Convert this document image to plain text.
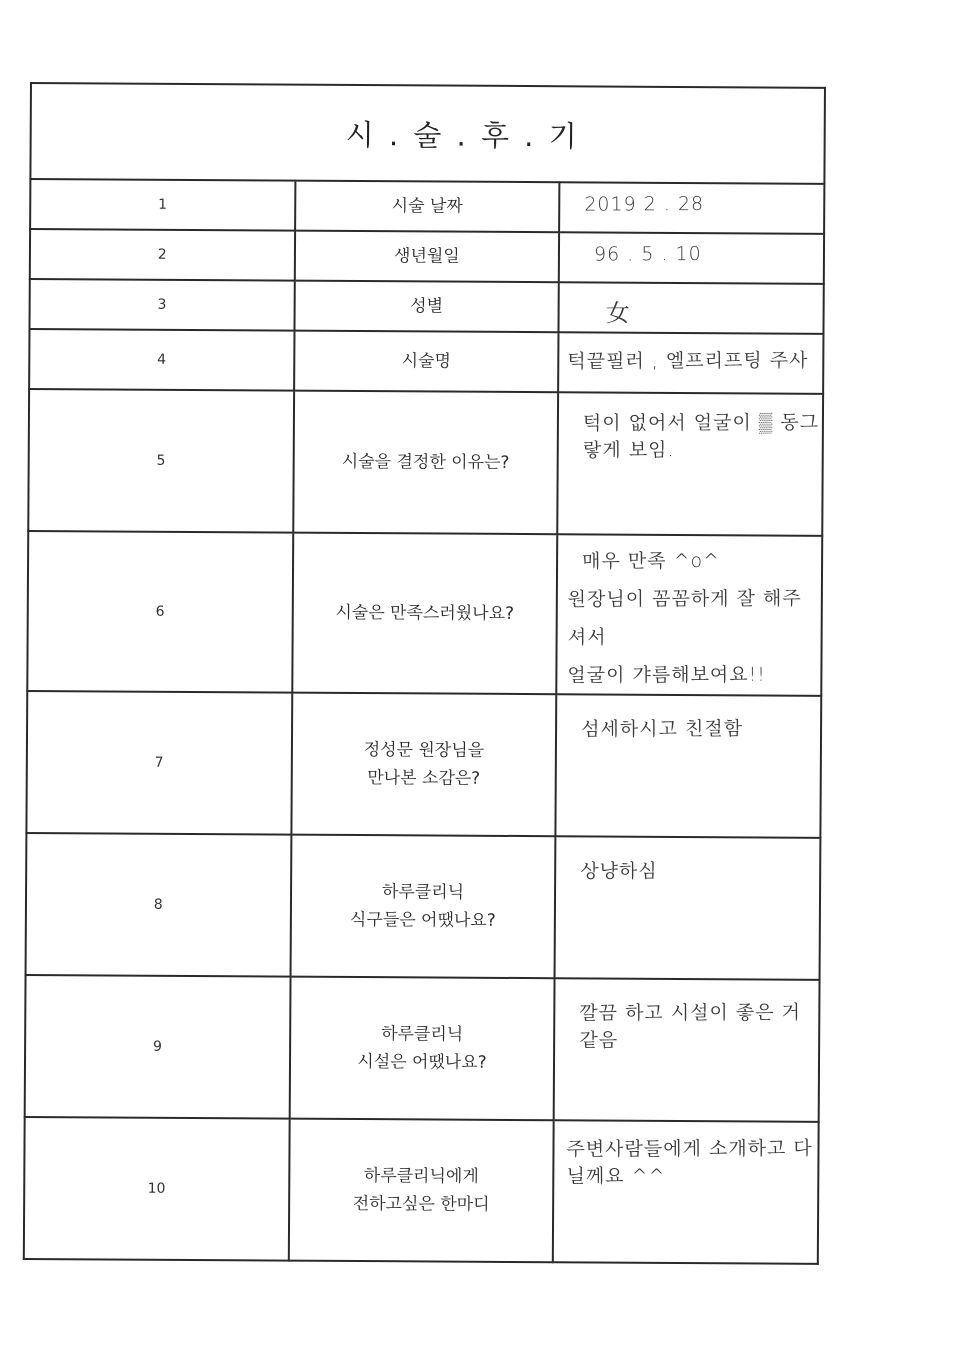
시 . 술 . 후 . 기		
1	시술 날짜	2019 2 . 28

2	생년월일	96 . 5 . 10

3	성별	女

4	시술명	턱끝필러 , 엘프리프팅 주사

5	시술을 결정한 이유는?	턱이 없어서 얼굴이 ▒ 동그랗게 보임.

6	시술은 만족스러웠나요?	매우 만족 ^o^
원장님이 꼼꼼하게 잘 해주셔서
얼굴이 갸름해보여요!!

7	정성문 원장님을
만나본 소감은?	섬세하시고 친절함

8	하루클리닉
식구들은 어땠나요?	상냥하심

9	하루클리닉
시설은 어땠나요?	깔끔 하고 시설이 좋은 거 같음

10	하루클리닉에게
전하고싶은 한마디	주변사람들에게 소개하고 다닐께요 ^^
